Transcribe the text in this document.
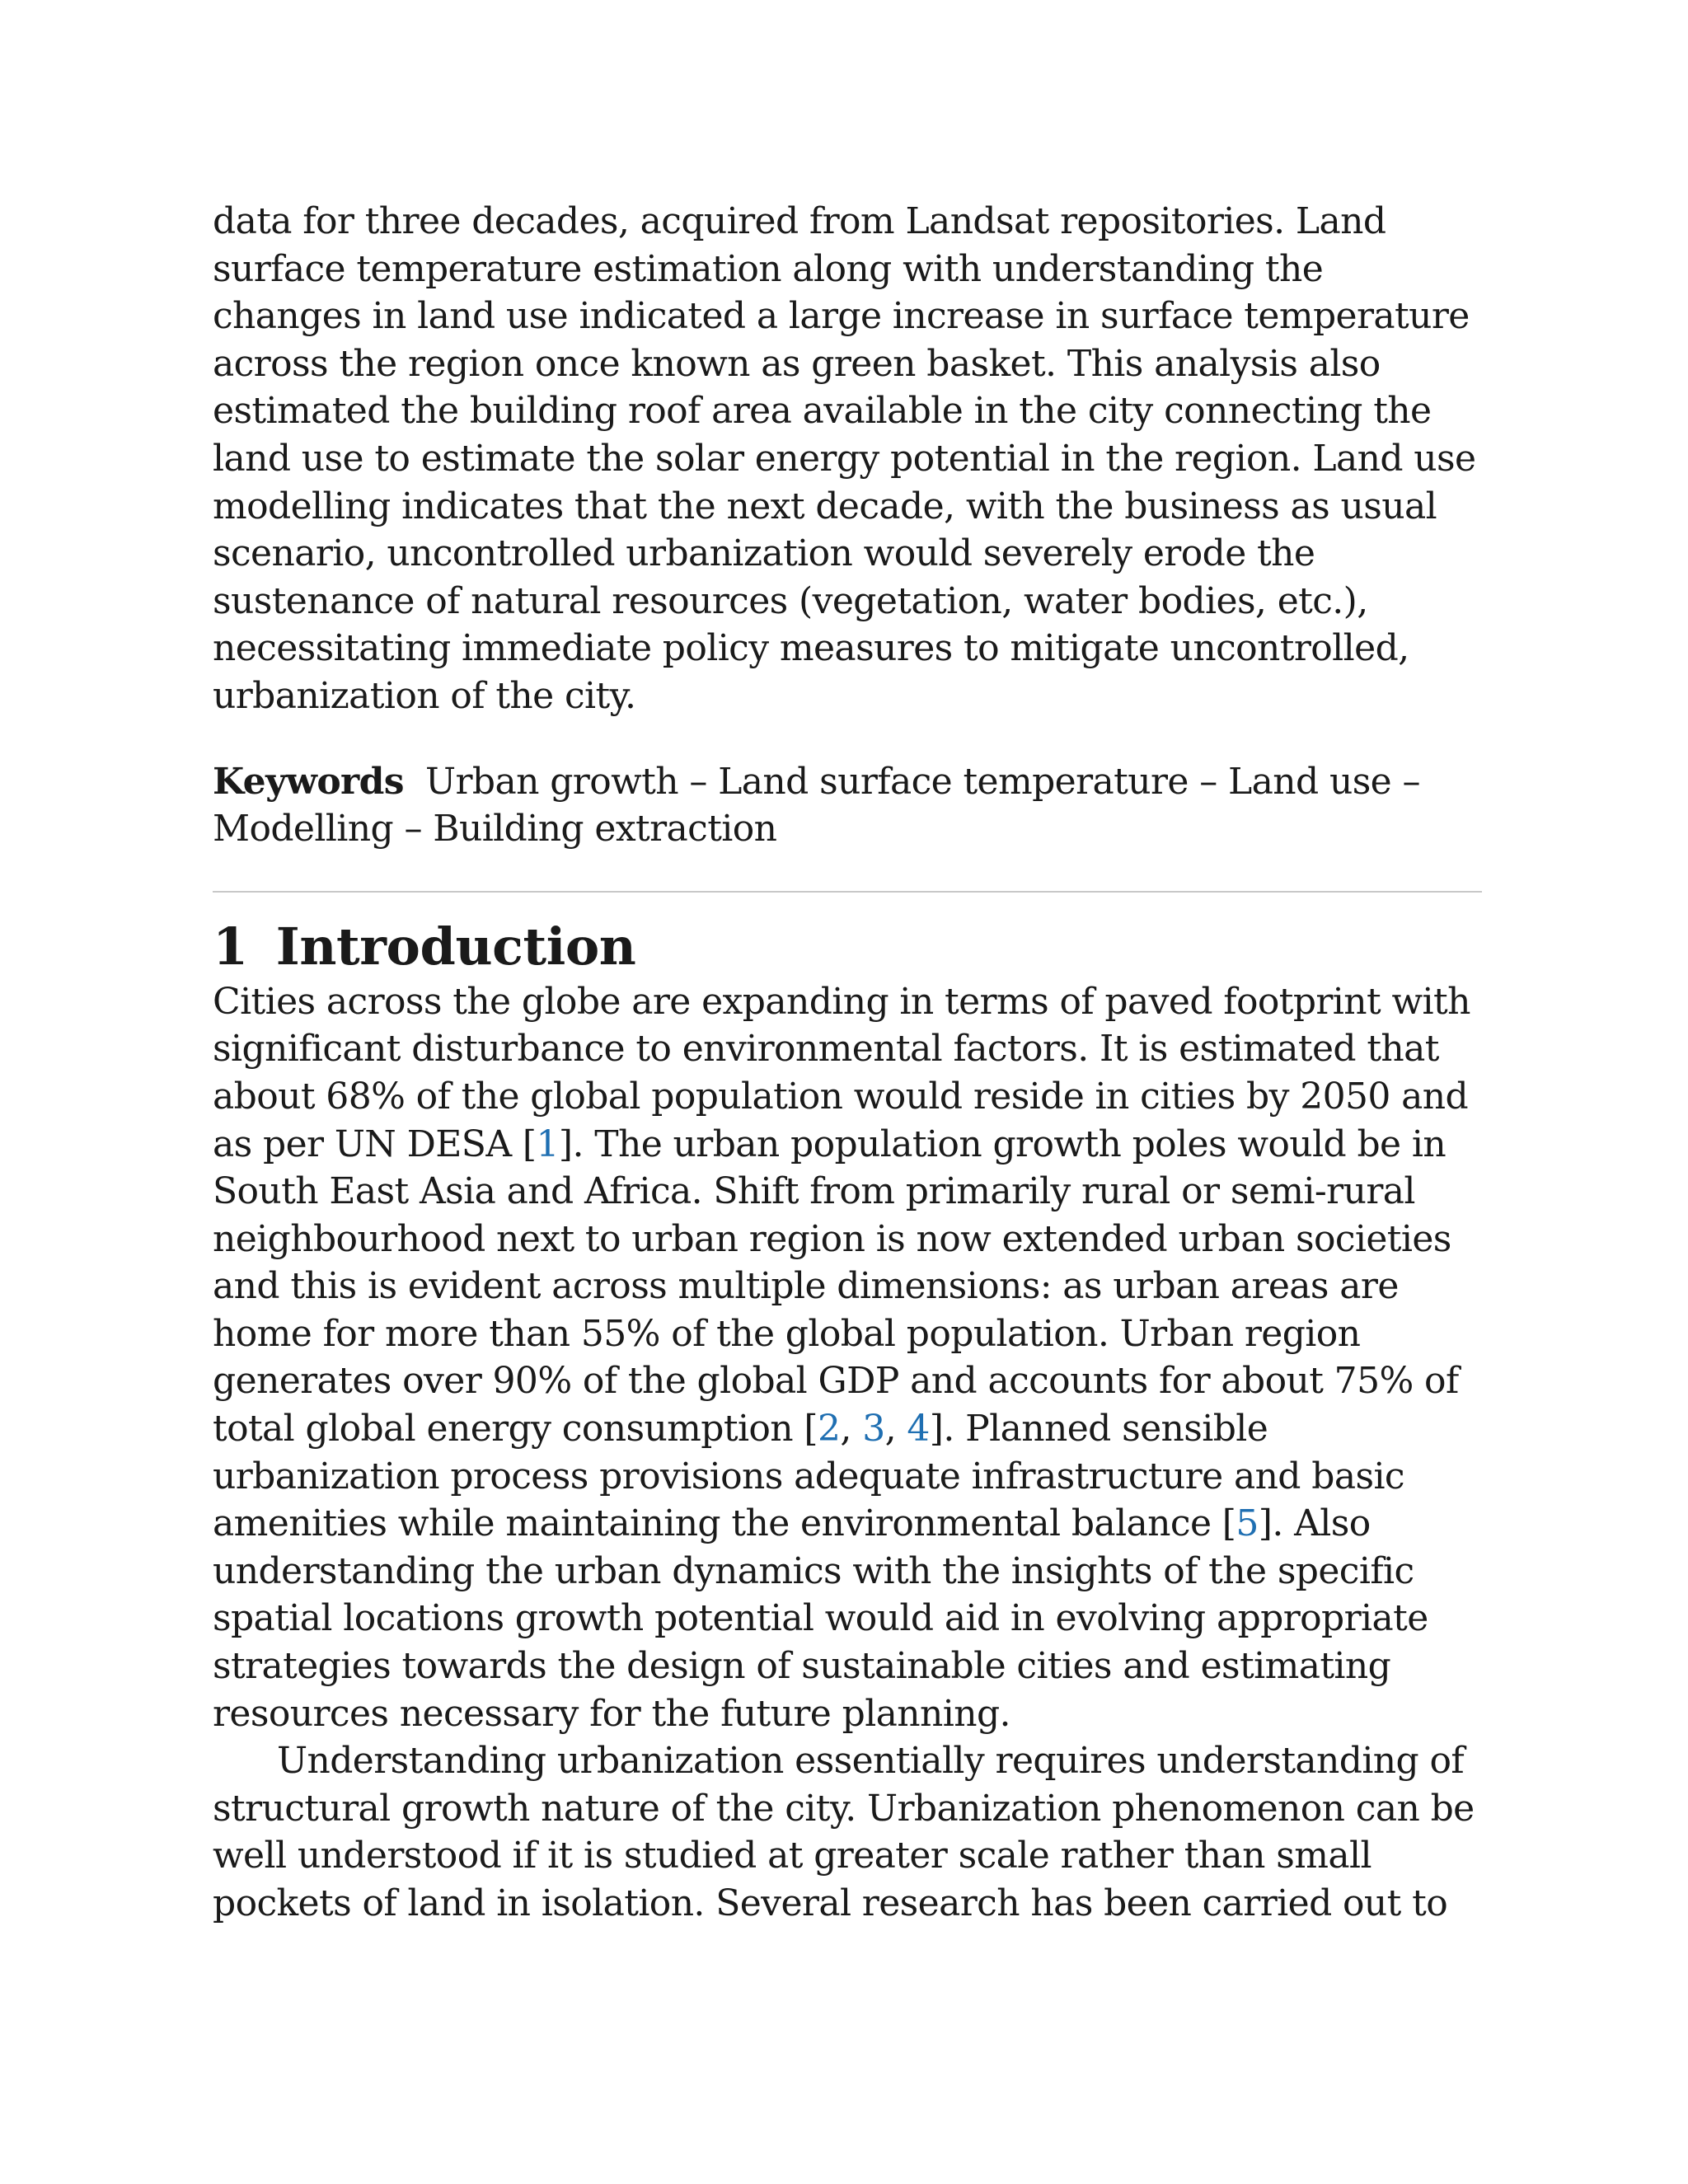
data for three decades, acquired from Landsat repositories. Land surface temperature estimation along with understanding the changes in land use indicated a large increase in surface temperature across the region once known as green basket. This analysis also estimated the building roof area available in the city connecting the land use to estimate the solar energy potential in the region. Land use modelling indicates that the next decade, with the business as usual scenario, uncontrolled urbanization would severely erode the sustenance of natural resources (vegetation, water bodies, etc.), necessitating immediate policy measures to mitigate uncontrolled, urbanization of the city.

Keywords Urban growth – Land surface temperature – Land use – Modelling – Building extraction

1 Introduction

Cities across the globe are expanding in terms of paved footprint with significant disturbance to environmental factors. It is estimated that about 68% of the global population would reside in cities by 2050 and as per UN DESA [1]. The urban population growth poles would be in South East Asia and Africa. Shift from primarily rural or semi-rural neighbourhood next to urban region is now extended urban societies and this is evident across multiple dimensions: as urban areas are home for more than 55% of the global population. Urban region generates over 90% of the global GDP and accounts for about 75% of total global energy consumption [2, 3, 4]. Planned sensible urbanization process provisions adequate infrastructure and basic amenities while maintaining the environmental balance [5]. Also understanding the urban dynamics with the insights of the specific spatial locations growth potential would aid in evolving appropriate strategies towards the design of sustainable cities and estimating resources necessary for the future planning.

Understanding urbanization essentially requires understanding of structural growth nature of the city. Urbanization phenomenon can be well understood if it is studied at greater scale rather than small pockets of land in isolation. Several research has been carried out to
